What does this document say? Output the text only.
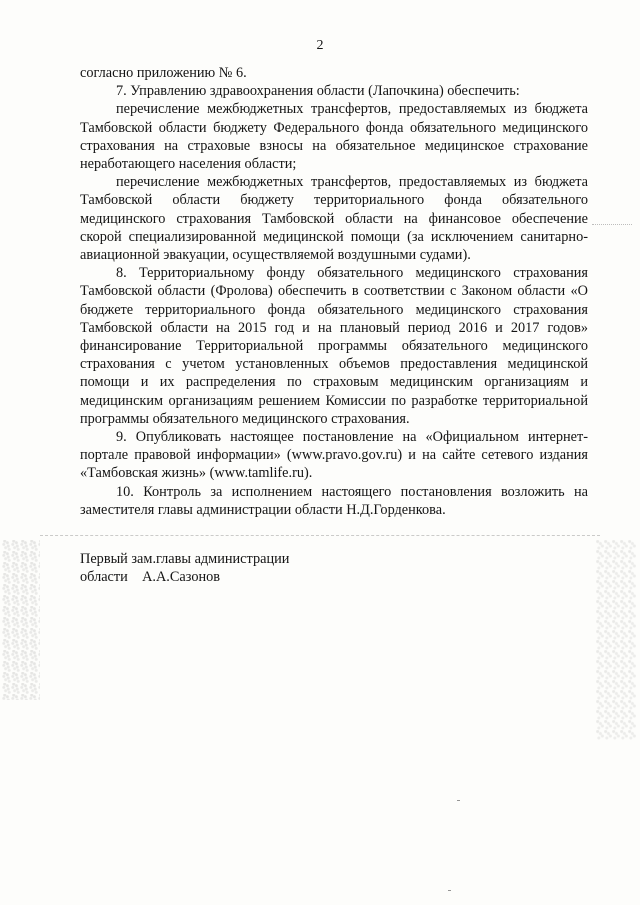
2

согласно приложению № 6.

7. Управлению здравоохранения области (Лапочкина) обеспечить:

перечисление межбюджетных трансфертов, предоставляемых из бюджета Тамбовской области бюджету Федерального фонда обязательного медицинского страхования на страховые взносы на обязательное медицинское страхование неработающего населения области;

перечисление межбюджетных трансфертов, предоставляемых из бюджета Тамбовской области бюджету территориального фонда обязательного медицинского страхования Тамбовской области на финансовое обеспечение скорой специализированной медицинской помощи (за исключением санитарно-авиационной эвакуации, осуществляемой воздушными судами).

8. Территориальному фонду обязательного медицинского страхования Тамбовской области (Фролова) обеспечить в соответствии с Законом области «О бюджете территориального фонда обязательного медицинского страхования Тамбовской области на 2015 год и на плановый период 2016 и 2017 годов» финансирование Территориальной программы обязательного медицинского страхования с учетом установленных объемов предоставления медицинской помощи и их распределения по страховым медицинским организациям и медицинским организациям решением Комиссии по разработке территориальной программы обязательного медицинского страхования.

9. Опубликовать настоящее постановление на «Официальном интернет-портале правовой информации» (www.pravo.gov.ru) и на сайте сетевого издания «Тамбовская жизнь» (www.tamlife.ru).

10. Контроль за исполнением настоящего постановления возложить на заместителя главы администрации области Н.Д.Горденкова.

Первый зам.главы администрации
области    А.А.Сазонов
